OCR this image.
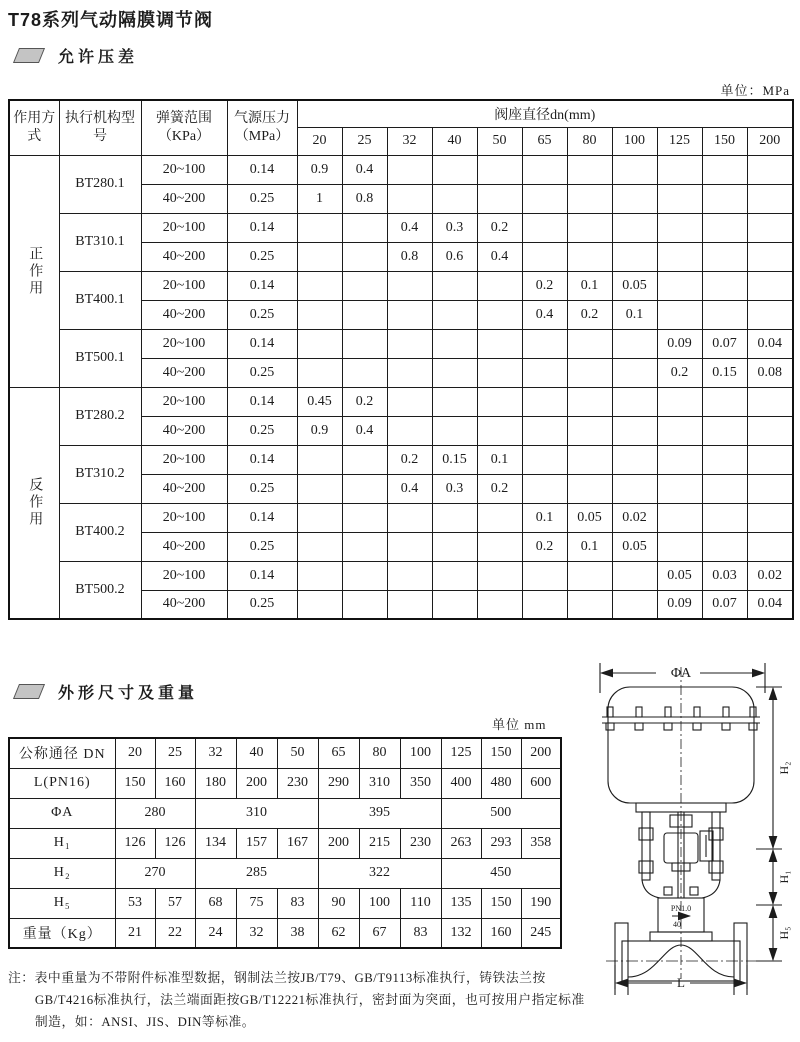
T78系列气动隔膜调节阀
允许压差
单位：MPa
作用方式	执行机构型号	弹簧范围（KPa）	气源压力（MPa）	阀座直径dn(mm)										
				20	25	32	40	50	65	80	100	125	150	200
正作用	BT280.1	20~100	0.14	0.9	0.4									
		40~200	0.25	1	0.8									
	BT310.1	20~100	0.14			0.4	0.3	0.2						
		40~200	0.25			0.8	0.6	0.4						
	BT400.1	20~100	0.14						0.2	0.1	0.05			
		40~200	0.25						0.4	0.2	0.1			
	BT500.1	20~100	0.14									0.09	0.07	0.04
		40~200	0.25									0.2	0.15	0.08
反作用	BT280.2	20~100	0.14	0.45	0.2									
		40~200	0.25	0.9	0.4									
	BT310.2	20~100	0.14			0.2	0.15	0.1						
		40~200	0.25			0.4	0.3	0.2						
	BT400.2	20~100	0.14						0.1	0.05	0.02			
		40~200	0.25						0.2	0.1	0.05			
	BT500.2	20~100	0.14									0.05	0.03	0.02
		40~200	0.25									0.09	0.07	0.04
外形尺寸及重量
单位 mm
公称通径 DN	20	25	32	40	50	65	80	100	125	150	200
L(PN16)	150	160	180	200	230	290	310	350	400	480	600
ΦA	280		310			395			500		
H₁	126	126	134	157	167	200	215	230	263	293	358
H₂	270		285			322			450		
H₅	53	57	68	75	83	90	100	110	135	150	190
重量（Kg）	21	22	24	32	38	62	67	83	132	160	245
ΦA
L
PN1.0
40
H₂
H₁
H₅
注：表中重量为不带附件标准型数据，钢制法兰按JB/T79、GB/T9113标准执行，铸铁法兰按GB/T4216标准执行，法兰端面距按GB/T12221标准执行，密封面为突面，也可按用户指定标准制造，如：ANSI、JIS、DIN等标准。
